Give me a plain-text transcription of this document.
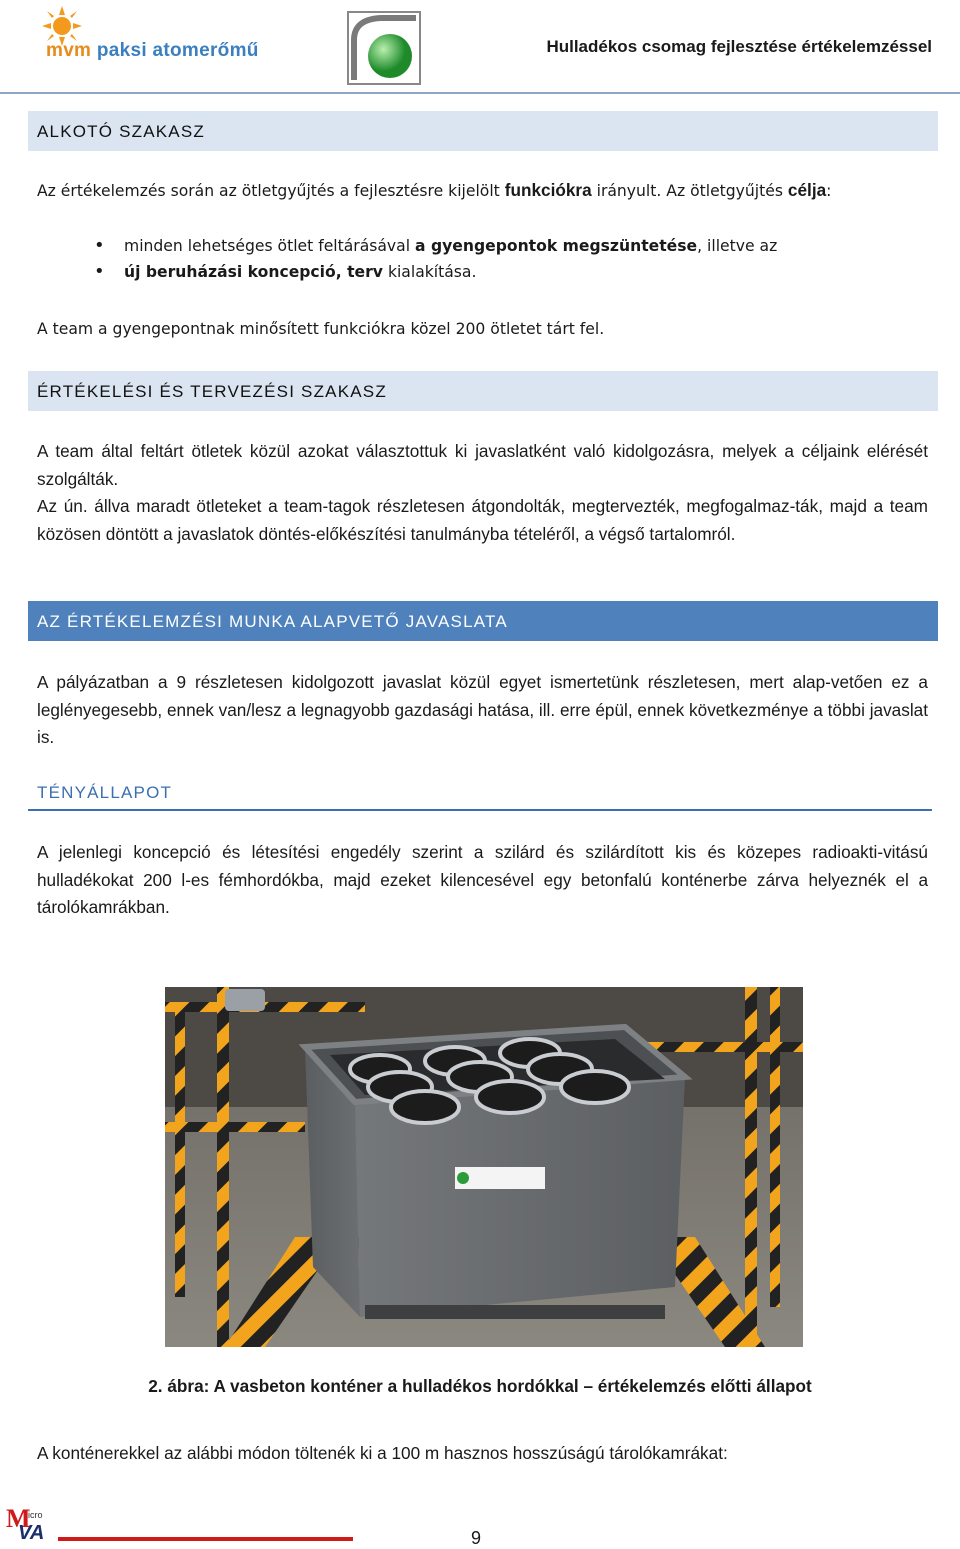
mvm paksi atomerőmű	Hulladékos csomag fejlesztése értékelemzéssel
ALKOTÓ SZAKASZ

Az értékelemzés során az ötletgyűjtés a fejlesztésre kijelölt funkciókra irányult. Az ötletgyűjtés célja:

• minden lehetséges ötlet feltárásával a gyengepontok megszüntetése, illetve az
• új beruházási koncepció, terv kialakítása.

A team a gyengepontnak minősített funkciókra közel 200 ötletet tárt fel.

ÉRTÉKELÉSI ÉS TERVEZÉSI SZAKASZ

A team által feltárt ötletek közül azokat választottuk ki javaslatként való kidolgozásra, melyek a céljaink elérését szolgálták.

Az ún. állva maradt ötleteket a team-tagok részletesen átgondolták, megtervezték, megfogalmaz-ták, majd a team közösen döntött a javaslatok döntés-előkészítési tanulmányba tételéről, a végső tartalomról.

AZ ÉRTÉKELEMZÉSI MUNKA ALAPVETŐ JAVASLATA

A pályázatban a 9 részletesen kidolgozott javaslat közül egyet ismertetünk részletesen, mert alap-vetően ez a leglényegesebb, ennek van/lesz a legnagyobb gazdasági hatása, ill. erre épül, ennek következménye a többi javaslat is.

TÉNYÁLLAPOT

A jelenlegi koncepció és létesítési engedély szerint a szilárd és szilárdított kis és közepes radioakti-vitású hulladékokat 200 l-es fémhordókba, majd ezeket kilencesével egy betonfalú konténerbe zárva helyeznék el a tárolókamrákban.

2. ábra: A vasbeton konténer a hulladékos hordókkal – értékelemzés előtti állapot

A konténerekkel az alábbi módon töltenék ki a 100 m hasznos hosszúságú tárolókamrákat:

M
icro
VA	9
